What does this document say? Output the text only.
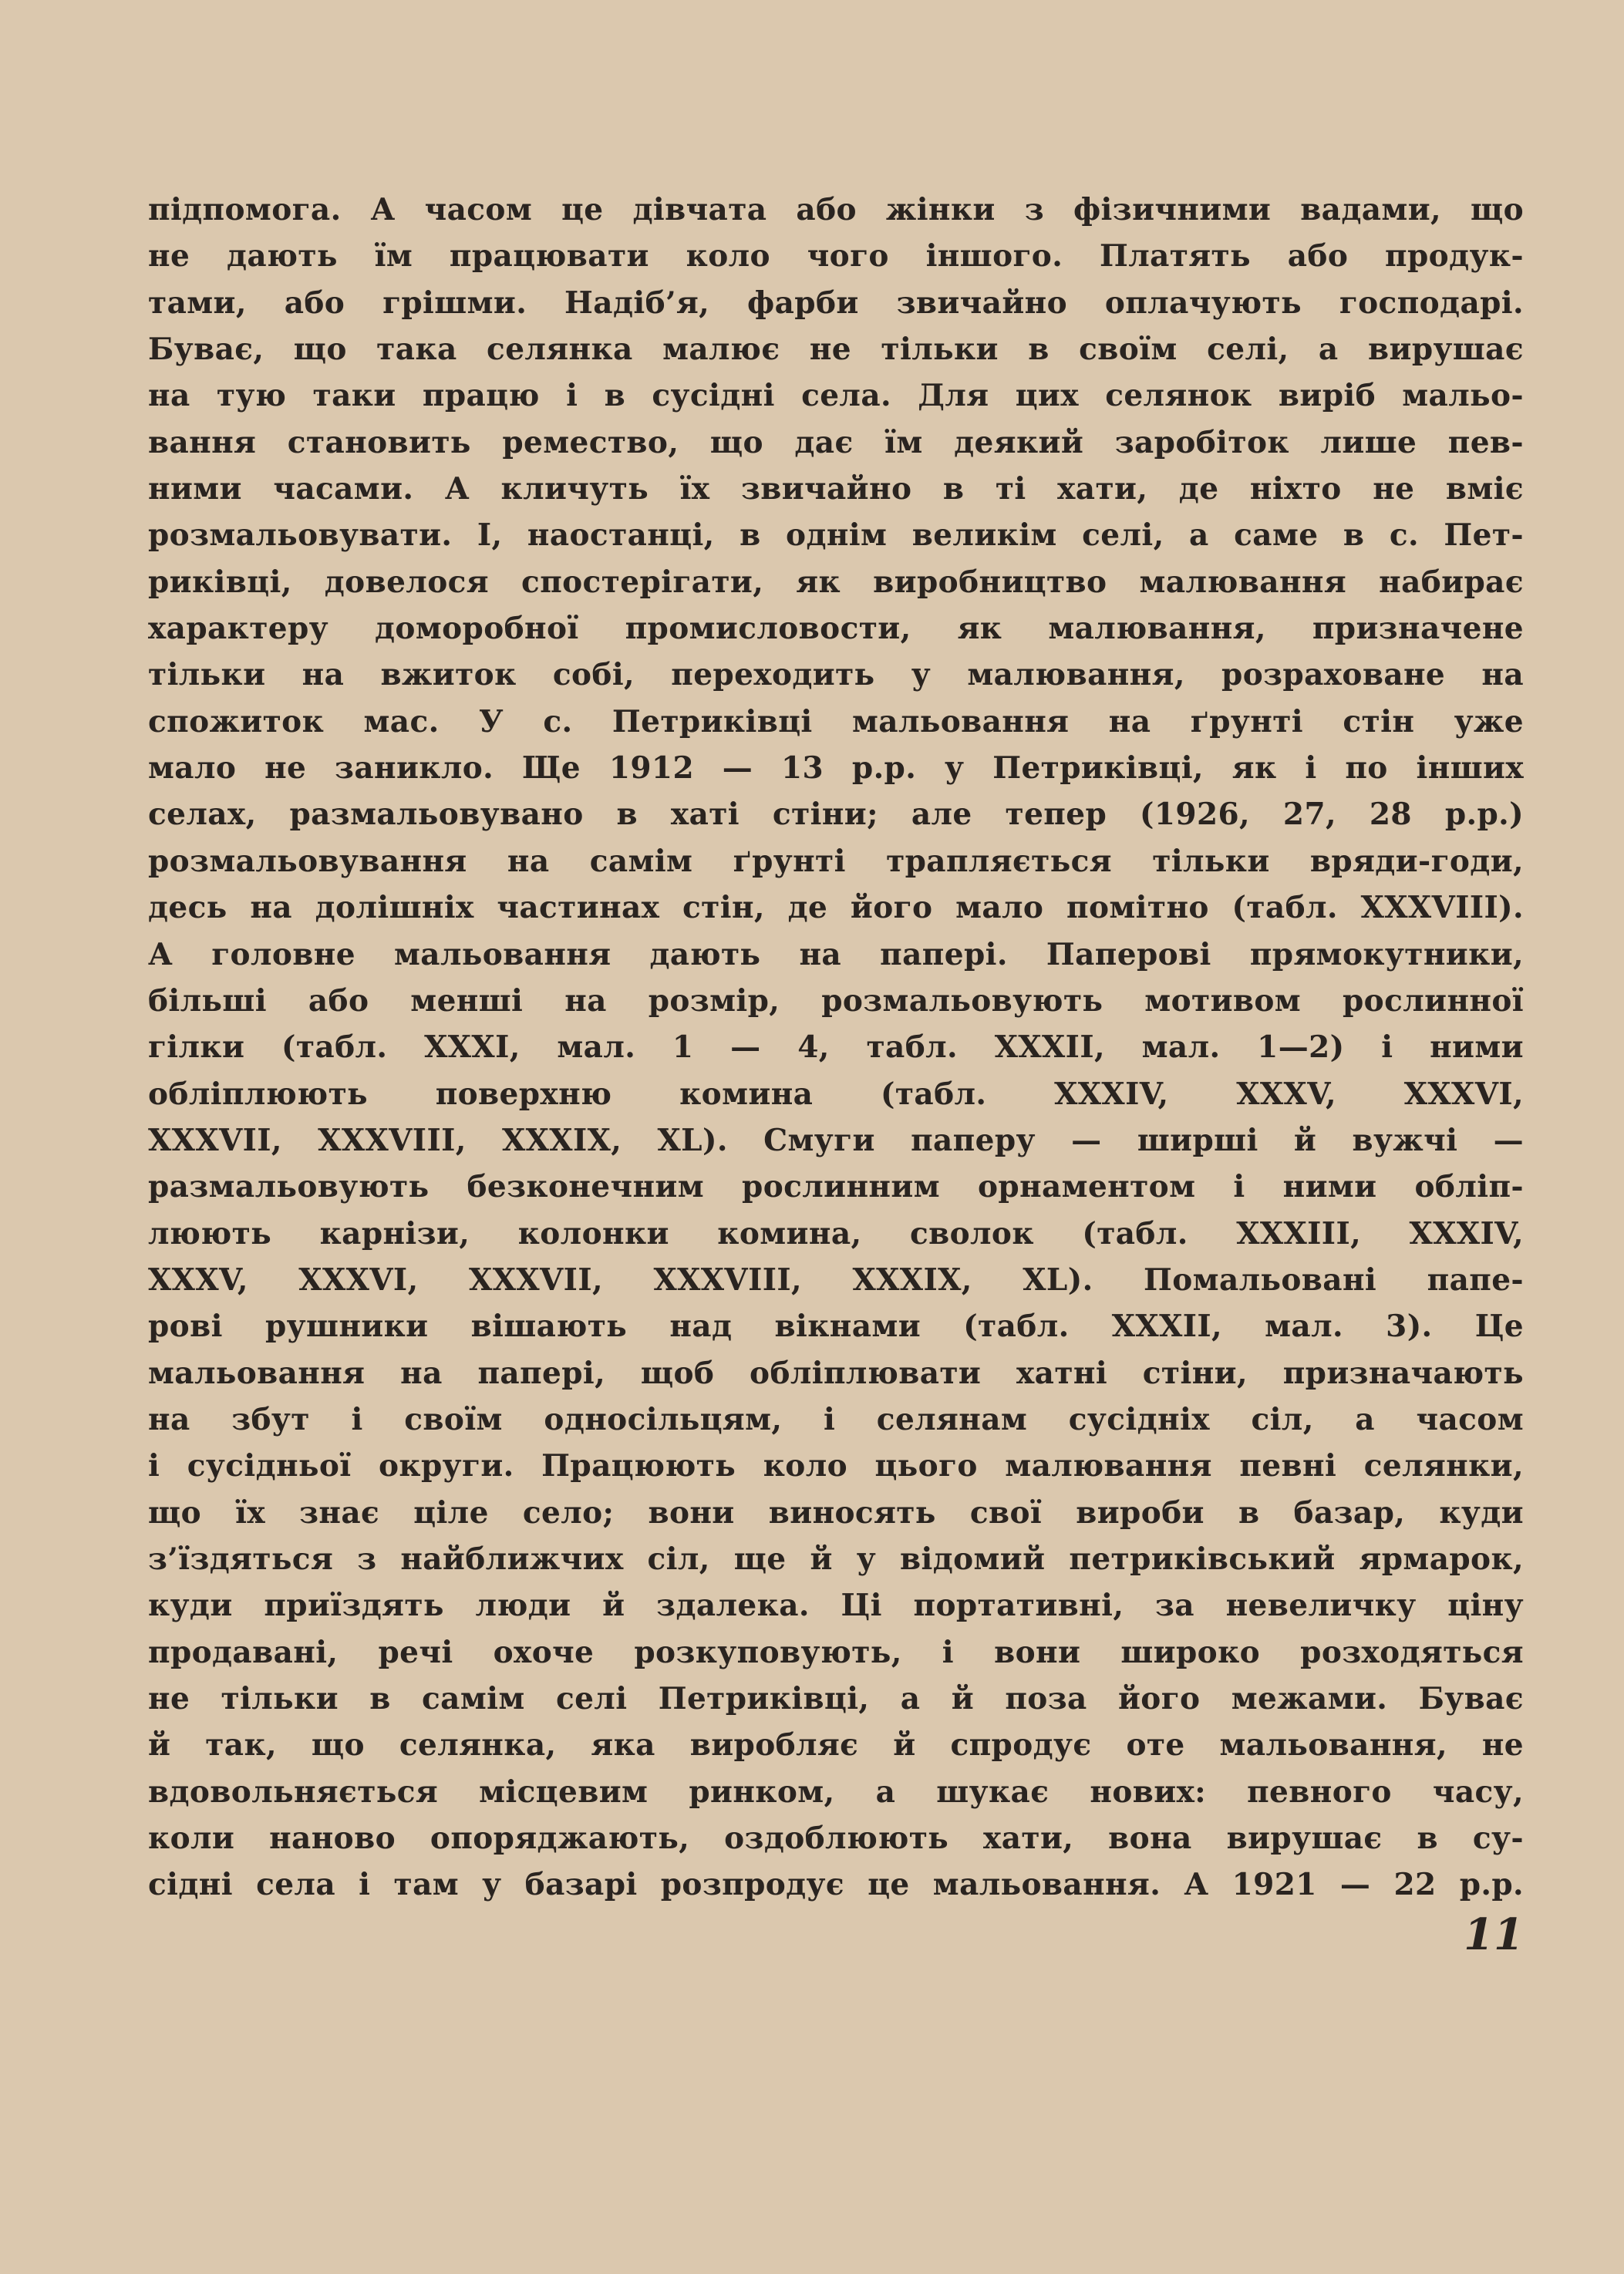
підпомога. А часом це дівчата або жінки з фізичними вадами, що
не дають їм працювати коло чого іншого. Платять або продук-
тами, або грішми. Надіб’я, фарби звичайно оплачують господарі.
Буває, що така селянка малює не тільки в своїм селі, а вирушає
на тую таки працю і в сусідні села. Для цих селянок виріб мальо-
вання становить ремество, що дає їм деякий заробіток лише пев-
ними часами. А кличуть їх звичайно в ті хати, де ніхто не вміє
розмальовувати. І, наостанці, в однім великім селі, а саме в с. Пет-
риківці, довелося спостерігати, як виробництво малювання набирає
характеру доморобної промисловости, як малювання, призначене
тільки на вжиток собі, переходить у малювання, розраховане на
спожиток мас. У с. Петриківці мальовання на ґрунті стін уже
мало не заникло. Ще 1912 — 13 р.р. у Петриківці, як і по інших
селах, размальовувано в хаті стіни; але тепер (1926, 27, 28 р.р.)
розмальовування на самім ґрунті трапляється тільки вряди-годи,
десь на долішніх частинах стін, де його мало помітно (табл. XXXVIII).
А головне мальовання дають на папері. Паперові прямокутники,
більші або менші на розмір, розмальовують мотивом рослинної
гілки (табл. XXXI, мал. 1 — 4, табл. XXXII, мал. 1—2) і ними
обліплюють поверхню комина (табл. XXXIV, XXXV, XXXVI,
XXXVII, XXXVIII, XXXIX, XL). Смуги паперу — ширші й вужчі —
размальовують безконечним рослинним орнаментом і ними обліп-
люють карнізи, колонки комина, сволок (табл. XXXIII, XXXIV,
XXXV, XXXVI, XXXVII, XXXVIII, XXXIX, XL). Помальовані папе-
рові рушники вішають над вікнами (табл. XXXII, мал. 3). Це
мальовання на папері, щоб обліплювати хатні стіни, призначають
на збут і своїм односільцям, і селянам сусідніх сіл, а часом
і сусідньої округи. Працюють коло цього малювання певні селянки,
що їх знає ціле село; вони виносять свої вироби в базар, куди
з’їздяться з найближчих сіл, ще й у відомий петриківський ярмарок,
куди приїздять люди й здалека. Ці портативні, за невеличку ціну
продавані, речі охоче розкуповують, і вони широко розходяться
не тільки в самім селі Петриківці, а й поза його межами. Буває
й так, що селянка, яка виробляє й спродує оте мальовання, не
вдовольняється місцевим ринком, а шукає нових: певного часу,
коли наново опоряджають, оздоблюють хати, вона вирушає в су-
сідні села і там у базарі розпродує це мальовання. А 1921 — 22 р.р.

11
